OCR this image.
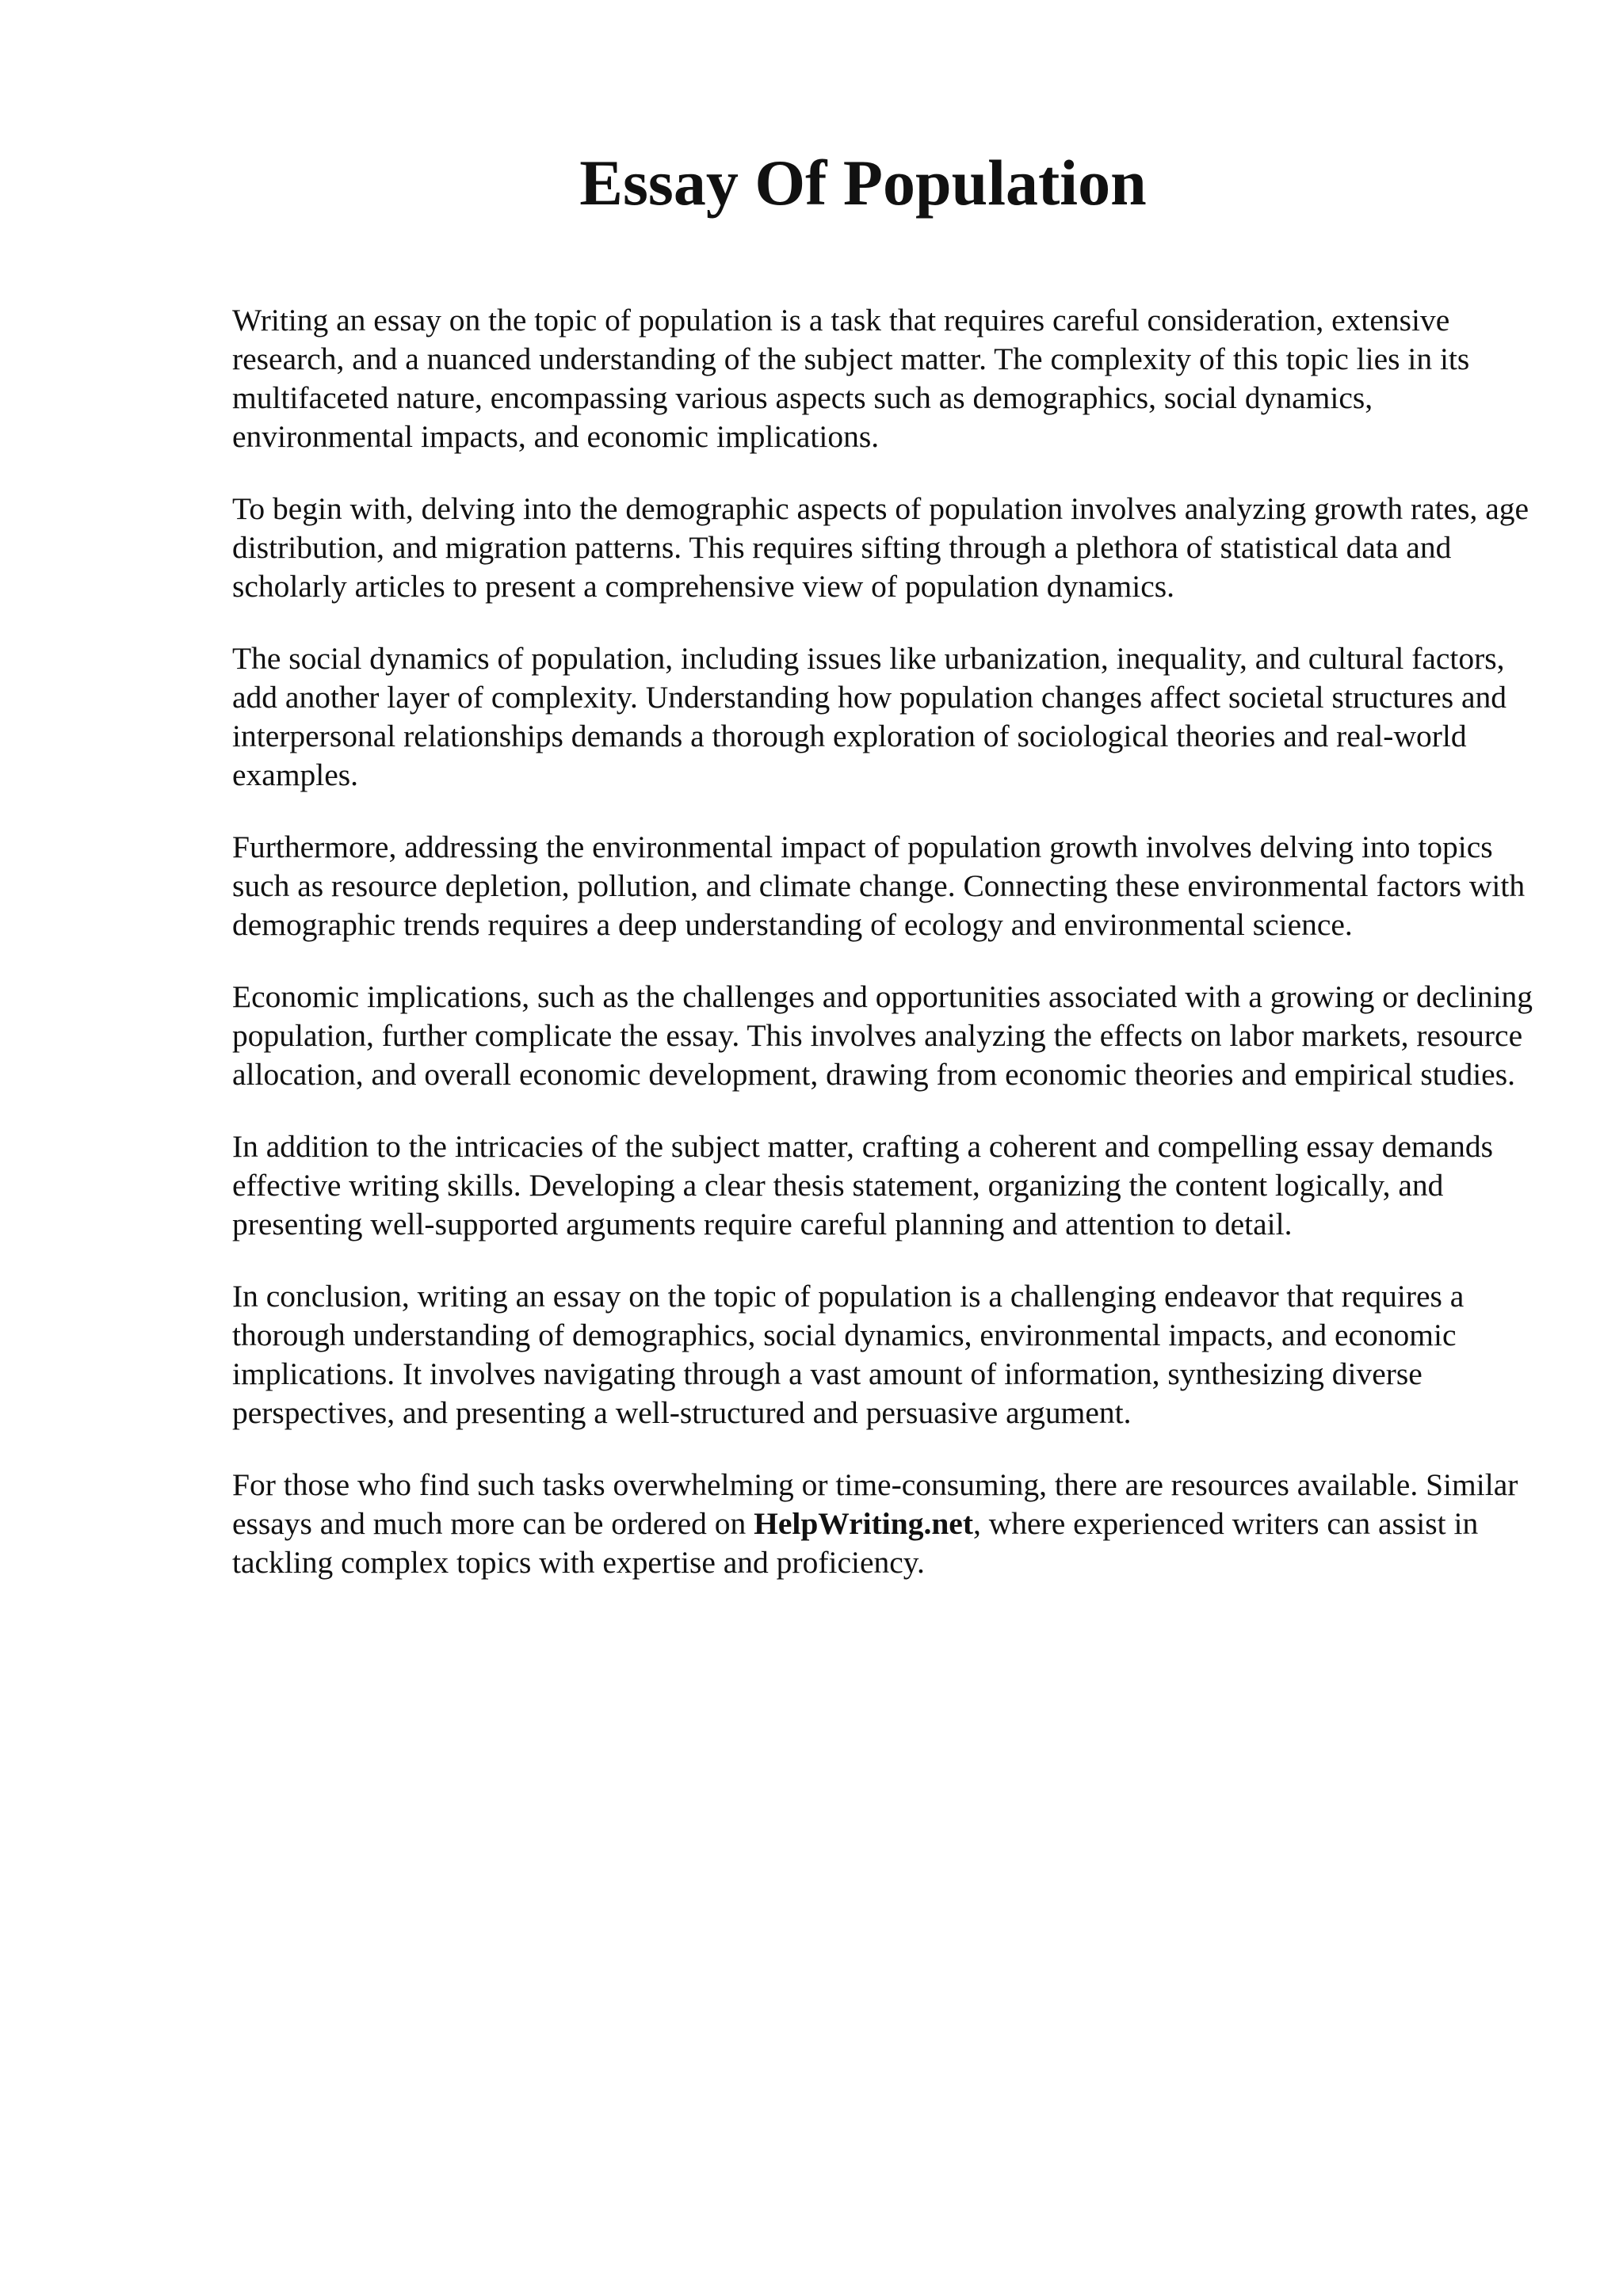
Essay Of Population

Writing an essay on the topic of population is a task that requires careful consideration, extensive research, and a nuanced understanding of the subject matter. The complexity of this topic lies in its multifaceted nature, encompassing various aspects such as demographics, social dynamics, environmental impacts, and economic implications.

To begin with, delving into the demographic aspects of population involves analyzing growth rates, age distribution, and migration patterns. This requires sifting through a plethora of statistical data and scholarly articles to present a comprehensive view of population dynamics.

The social dynamics of population, including issues like urbanization, inequality, and cultural factors, add another layer of complexity. Understanding how population changes affect societal structures and interpersonal relationships demands a thorough exploration of sociological theories and real-world examples.

Furthermore, addressing the environmental impact of population growth involves delving into topics such as resource depletion, pollution, and climate change. Connecting these environmental factors with demographic trends requires a deep understanding of ecology and environmental science.

Economic implications, such as the challenges and opportunities associated with a growing or declining population, further complicate the essay. This involves analyzing the effects on labor markets, resource allocation, and overall economic development, drawing from economic theories and empirical studies.

In addition to the intricacies of the subject matter, crafting a coherent and compelling essay demands effective writing skills. Developing a clear thesis statement, organizing the content logically, and presenting well-supported arguments require careful planning and attention to detail.

In conclusion, writing an essay on the topic of population is a challenging endeavor that requires a thorough understanding of demographics, social dynamics, environmental impacts, and economic implications. It involves navigating through a vast amount of information, synthesizing diverse perspectives, and presenting a well-structured and persuasive argument.

For those who find such tasks overwhelming or time-consuming, there are resources available. Similar essays and much more can be ordered on HelpWriting.net, where experienced writers can assist in tackling complex topics with expertise and proficiency.
